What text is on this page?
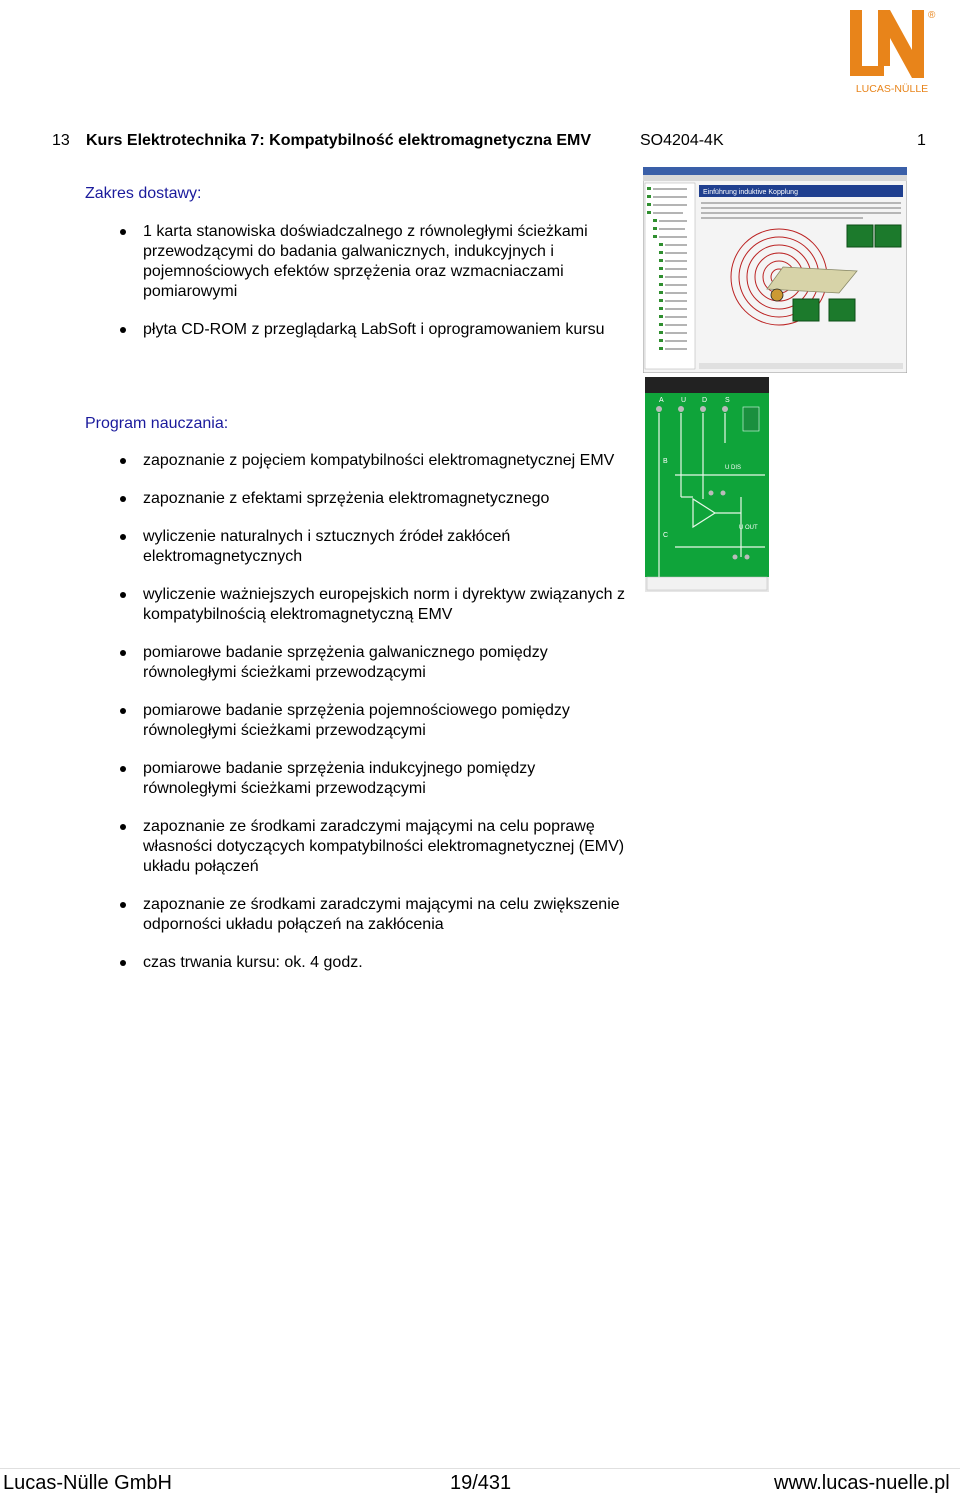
®
LUCAS-NÜLLE
13 Kurs Elektrotechnika 7: Kompatybilność elektromagnetyczna EMV	SO4204-4K	1
Zakres dostawy:
1 karta stanowiska doświadczalnego z równoległymi ścieżkami przewodzącymi do badania galwanicznych, indukcyjnych i pojemnościowych efektów sprzężenia oraz wzmacniaczami pomiarowymi
płyta CD-ROM z przeglądarką LabSoft i oprogramowaniem kursu
Program nauczania:
zapoznanie z pojęciem kompatybilności elektromagnetycznej EMV
zapoznanie z efektami sprzężenia elektromagnetycznego
wyliczenie naturalnych i sztucznych źródeł zakłóceń elektromagnetycznych
wyliczenie ważniejszych europejskich norm i dyrektyw związanych z kompatybilnością elektromagnetyczną EMV
pomiarowe badanie sprzężenia galwanicznego pomiędzy równoległymi ścieżkami przewodzącymi
pomiarowe badanie sprzężenia pojemnościowego pomiędzy równoległymi ścieżkami przewodzącymi
pomiarowe badanie sprzężenia indukcyjnego pomiędzy równoległymi ścieżkami przewodzącymi
zapoznanie ze środkami zaradczymi mającymi na celu poprawę własności dotyczących kompatybilności elektromagnetycznej (EMV) układu połączeń
zapoznanie ze środkami zaradczymi mającymi na celu zwiększenie odporności układu połączeń na zakłócenia
czas trwania kursu: ok. 4 godz.
Einführung induktive Kopplung
A U D	S
B
C
U DIS
U OUT
Lucas-Nülle GmbH	19/431	www.lucas-nuelle.pl
